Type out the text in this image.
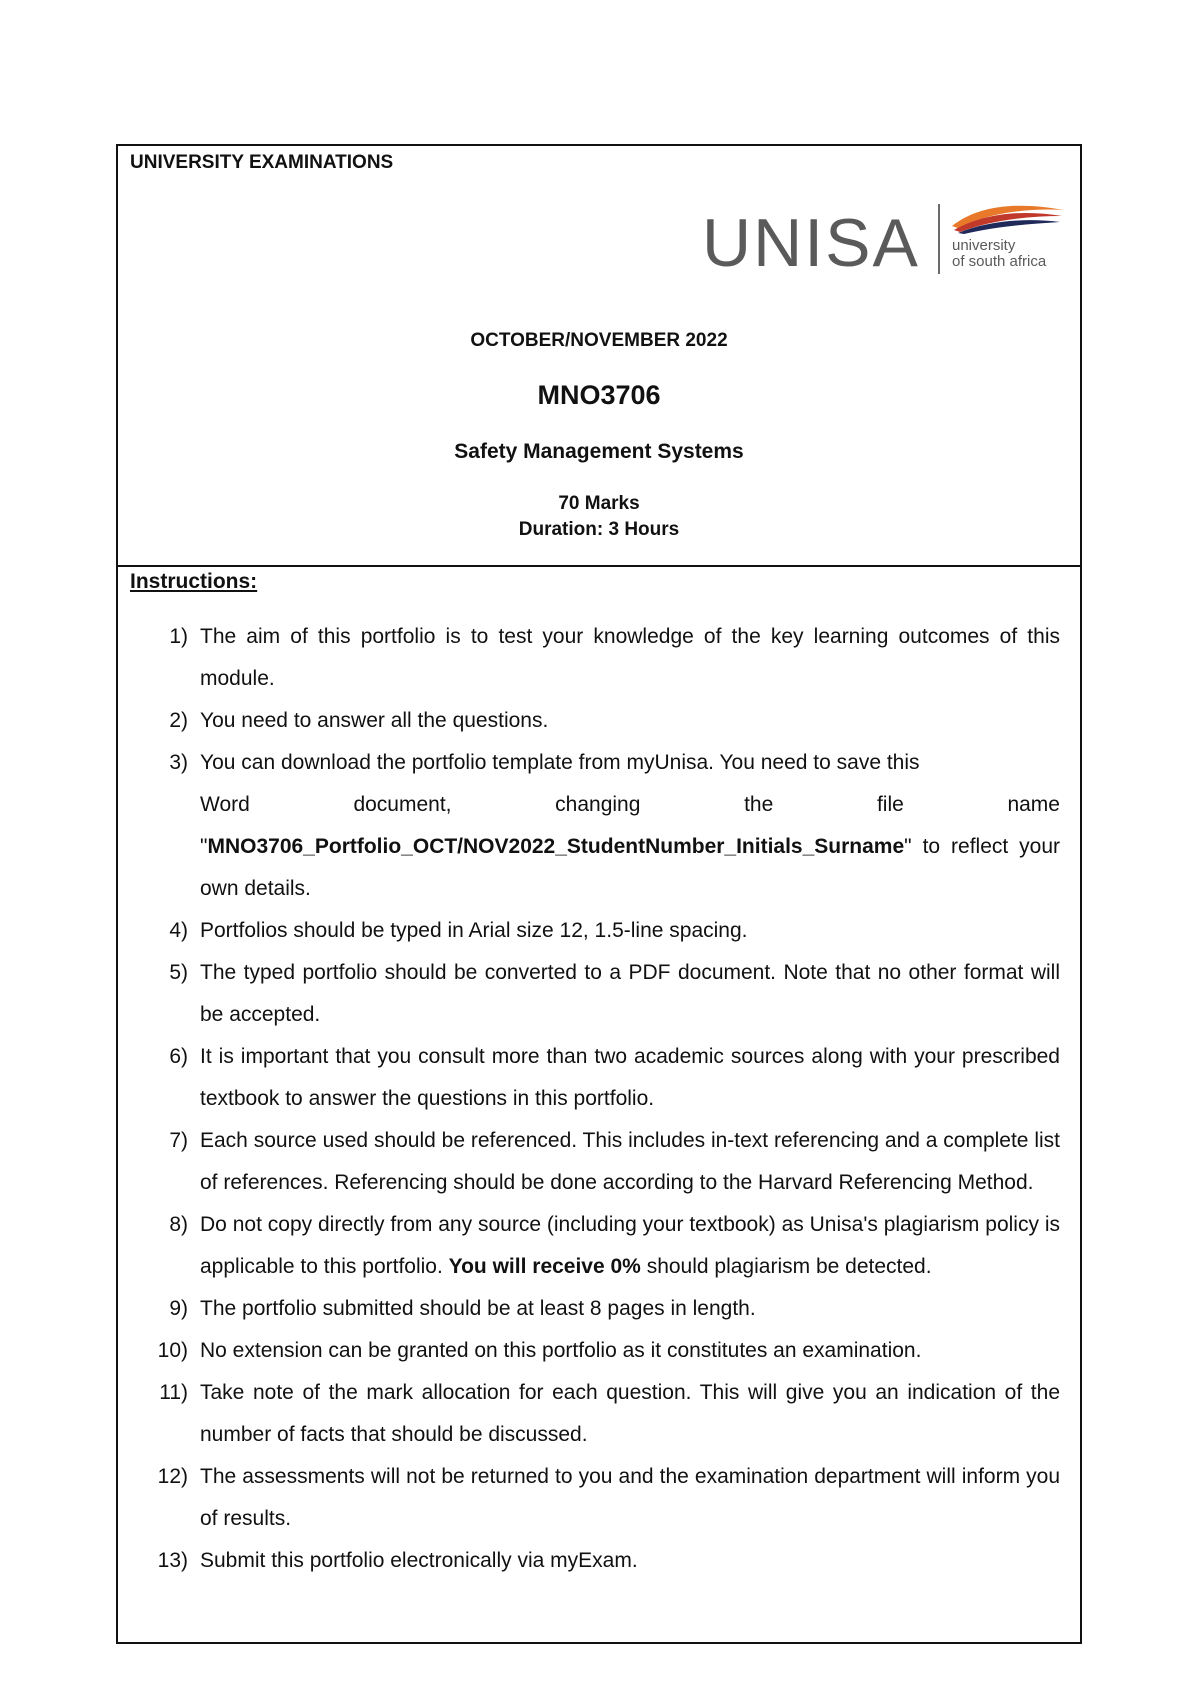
UNIVERSITY EXAMINATIONS
UNISA university
of south africa
OCTOBER/NOVEMBER 2022
MNO3706
Safety Management Systems
70 Marks
Duration: 3 Hours
Instructions:
1) The aim of this portfolio is to test your knowledge of the key learning outcomes of this module.
2) You need to answer all the questions.
3) You can download the portfolio template from myUnisa. You need to save this
Word	document,	changing	the	file	name
"MNO3706_Portfolio_OCT/NOV2022_StudentNumber_Initials_Surname" to reflect your own details.
4) Portfolios should be typed in Arial size 12, 1.5-line spacing.
5) The typed portfolio should be converted to a PDF document. Note that no other format will be accepted.
6) It is important that you consult more than two academic sources along with your prescribed textbook to answer the questions in this portfolio.
7) Each source used should be referenced. This includes in-text referencing and a complete list of references. Referencing should be done according to the Harvard Referencing Method.
8) Do not copy directly from any source (including your textbook) as Unisa's plagiarism policy is applicable to this portfolio. You will receive 0% should plagiarism be detected.
9) The portfolio submitted should be at least 8 pages in length.
10) No extension can be granted on this portfolio as it constitutes an examination.
11) Take note of the mark allocation for each question. This will give you an indication of the number of facts that should be discussed.
12) The assessments will not be returned to you and the examination department will inform you of results.
13) Submit this portfolio electronically via myExam.
